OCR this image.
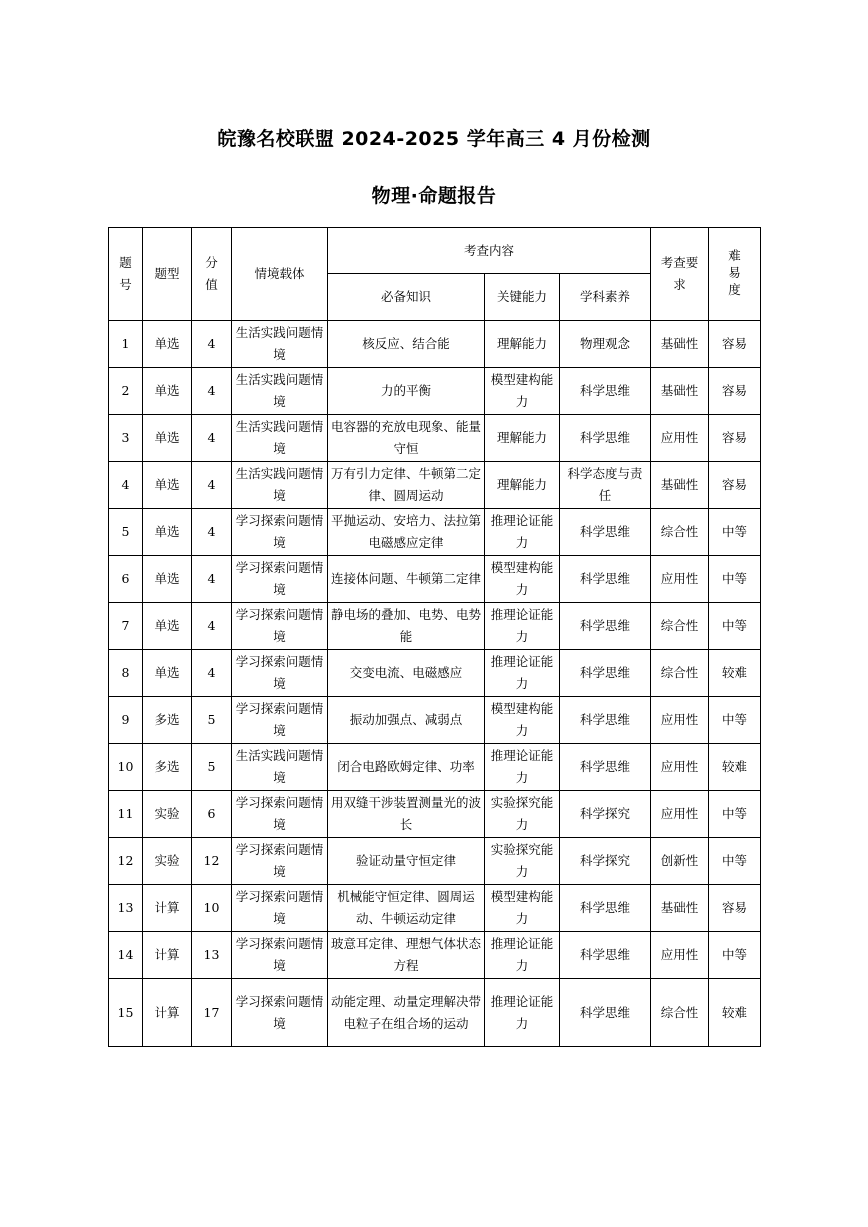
皖豫名校联盟 2024-2025 学年高三 4 月份检测
物理·命题报告
题号	题型	分值	情境载体	考查内容			考查要求	难易度
				必备知识	关键能力	学科素养		
1	单选	4	生活实践问题情境	核反应、结合能	理解能力	物理观念	基础性	容易
2	单选	4	生活实践问题情境	力的平衡	模型建构能力	科学思维	基础性	容易
3	单选	4	生活实践问题情境	电容器的充放电现象、能量守恒	理解能力	科学思维	应用性	容易
4	单选	4	生活实践问题情境	万有引力定律、牛顿第二定律、圆周运动	理解能力	科学态度与责任	基础性	容易
5	单选	4	学习探索问题情境	平抛运动、安培力、法拉第电磁感应定律	推理论证能力	科学思维	综合性	中等
6	单选	4	学习探索问题情境	连接体问题、牛顿第二定律	模型建构能力	科学思维	应用性	中等
7	单选	4	学习探索问题情境	静电场的叠加、电势、电势能	推理论证能力	科学思维	综合性	中等
8	单选	4	学习探索问题情境	交变电流、电磁感应	推理论证能力	科学思维	综合性	较难
9	多选	5	学习探索问题情境	振动加强点、减弱点	模型建构能力	科学思维	应用性	中等
10	多选	5	生活实践问题情境	闭合电路欧姆定律、功率	推理论证能力	科学思维	应用性	较难
11	实验	6	学习探索问题情境	用双缝干涉装置测量光的波长	实验探究能力	科学探究	应用性	中等
12	实验	12	学习探索问题情境	验证动量守恒定律	实验探究能力	科学探究	创新性	中等
13	计算	10	学习探索问题情境	机械能守恒定律、圆周运动、牛顿运动定律	模型建构能力	科学思维	基础性	容易
14	计算	13	学习探索问题情境	玻意耳定律、理想气体状态方程	推理论证能力	科学思维	应用性	中等
15	计算	17	学习探索问题情境	动能定理、动量定理解决带电粒子在组合场的运动	推理论证能力	科学思维	综合性	较难
